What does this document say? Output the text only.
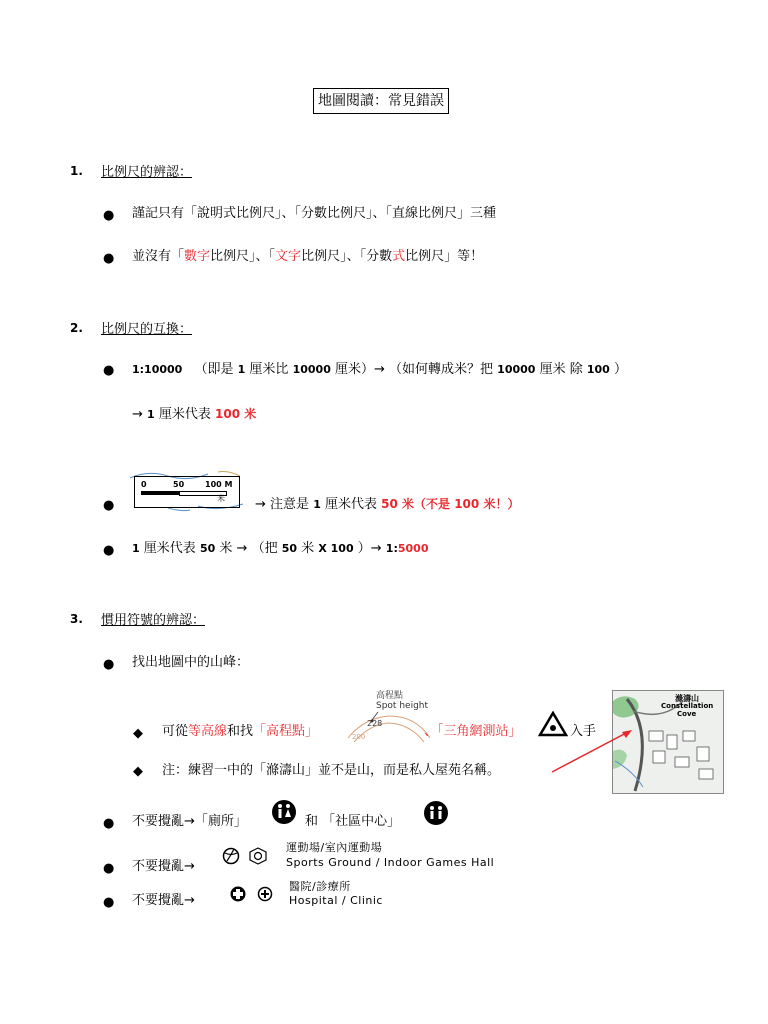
地圖閱讀：常見錯誤
1. 比例尺的辨認：
● 謹記只有「說明式比例尺」、「分數比例尺」、「直線比例尺」三種
● 並沒有「數字比例尺」、「文字比例尺」、「分數式比例尺」等！
2. 比例尺的互換：
● 1:10000 （即是 1 厘米比 10000 厘米）→ （如何轉成米？把 10000 厘米 除 100 ）
→ 1 厘米代表 100 米
0	50	100 M
米
●	→ 注意是 1 厘米代表 50 米（不是 100 米！）
● 1 厘米代表 50 米 → （把 50 米 X 100 ）→ 1:5000
3. 慣用符號的辨認：
● 找出地圖中的山峰：
高程點
Spot height
228
200
◆ 可從等高線和找「高程點」	、「三角網測站」	入手
◆ 注：練習一中的「滌濤山」並不是山，而是私人屋苑名稱。
滌濤山
Constellation
Cove
● 不要攪亂→「廁所」	和 「社區中心」
● 不要攪亂→
運動場/室內運動場
Sports Ground / Indoor Games Hall
● 不要攪亂→
醫院/診療所
Hospital / Clinic
